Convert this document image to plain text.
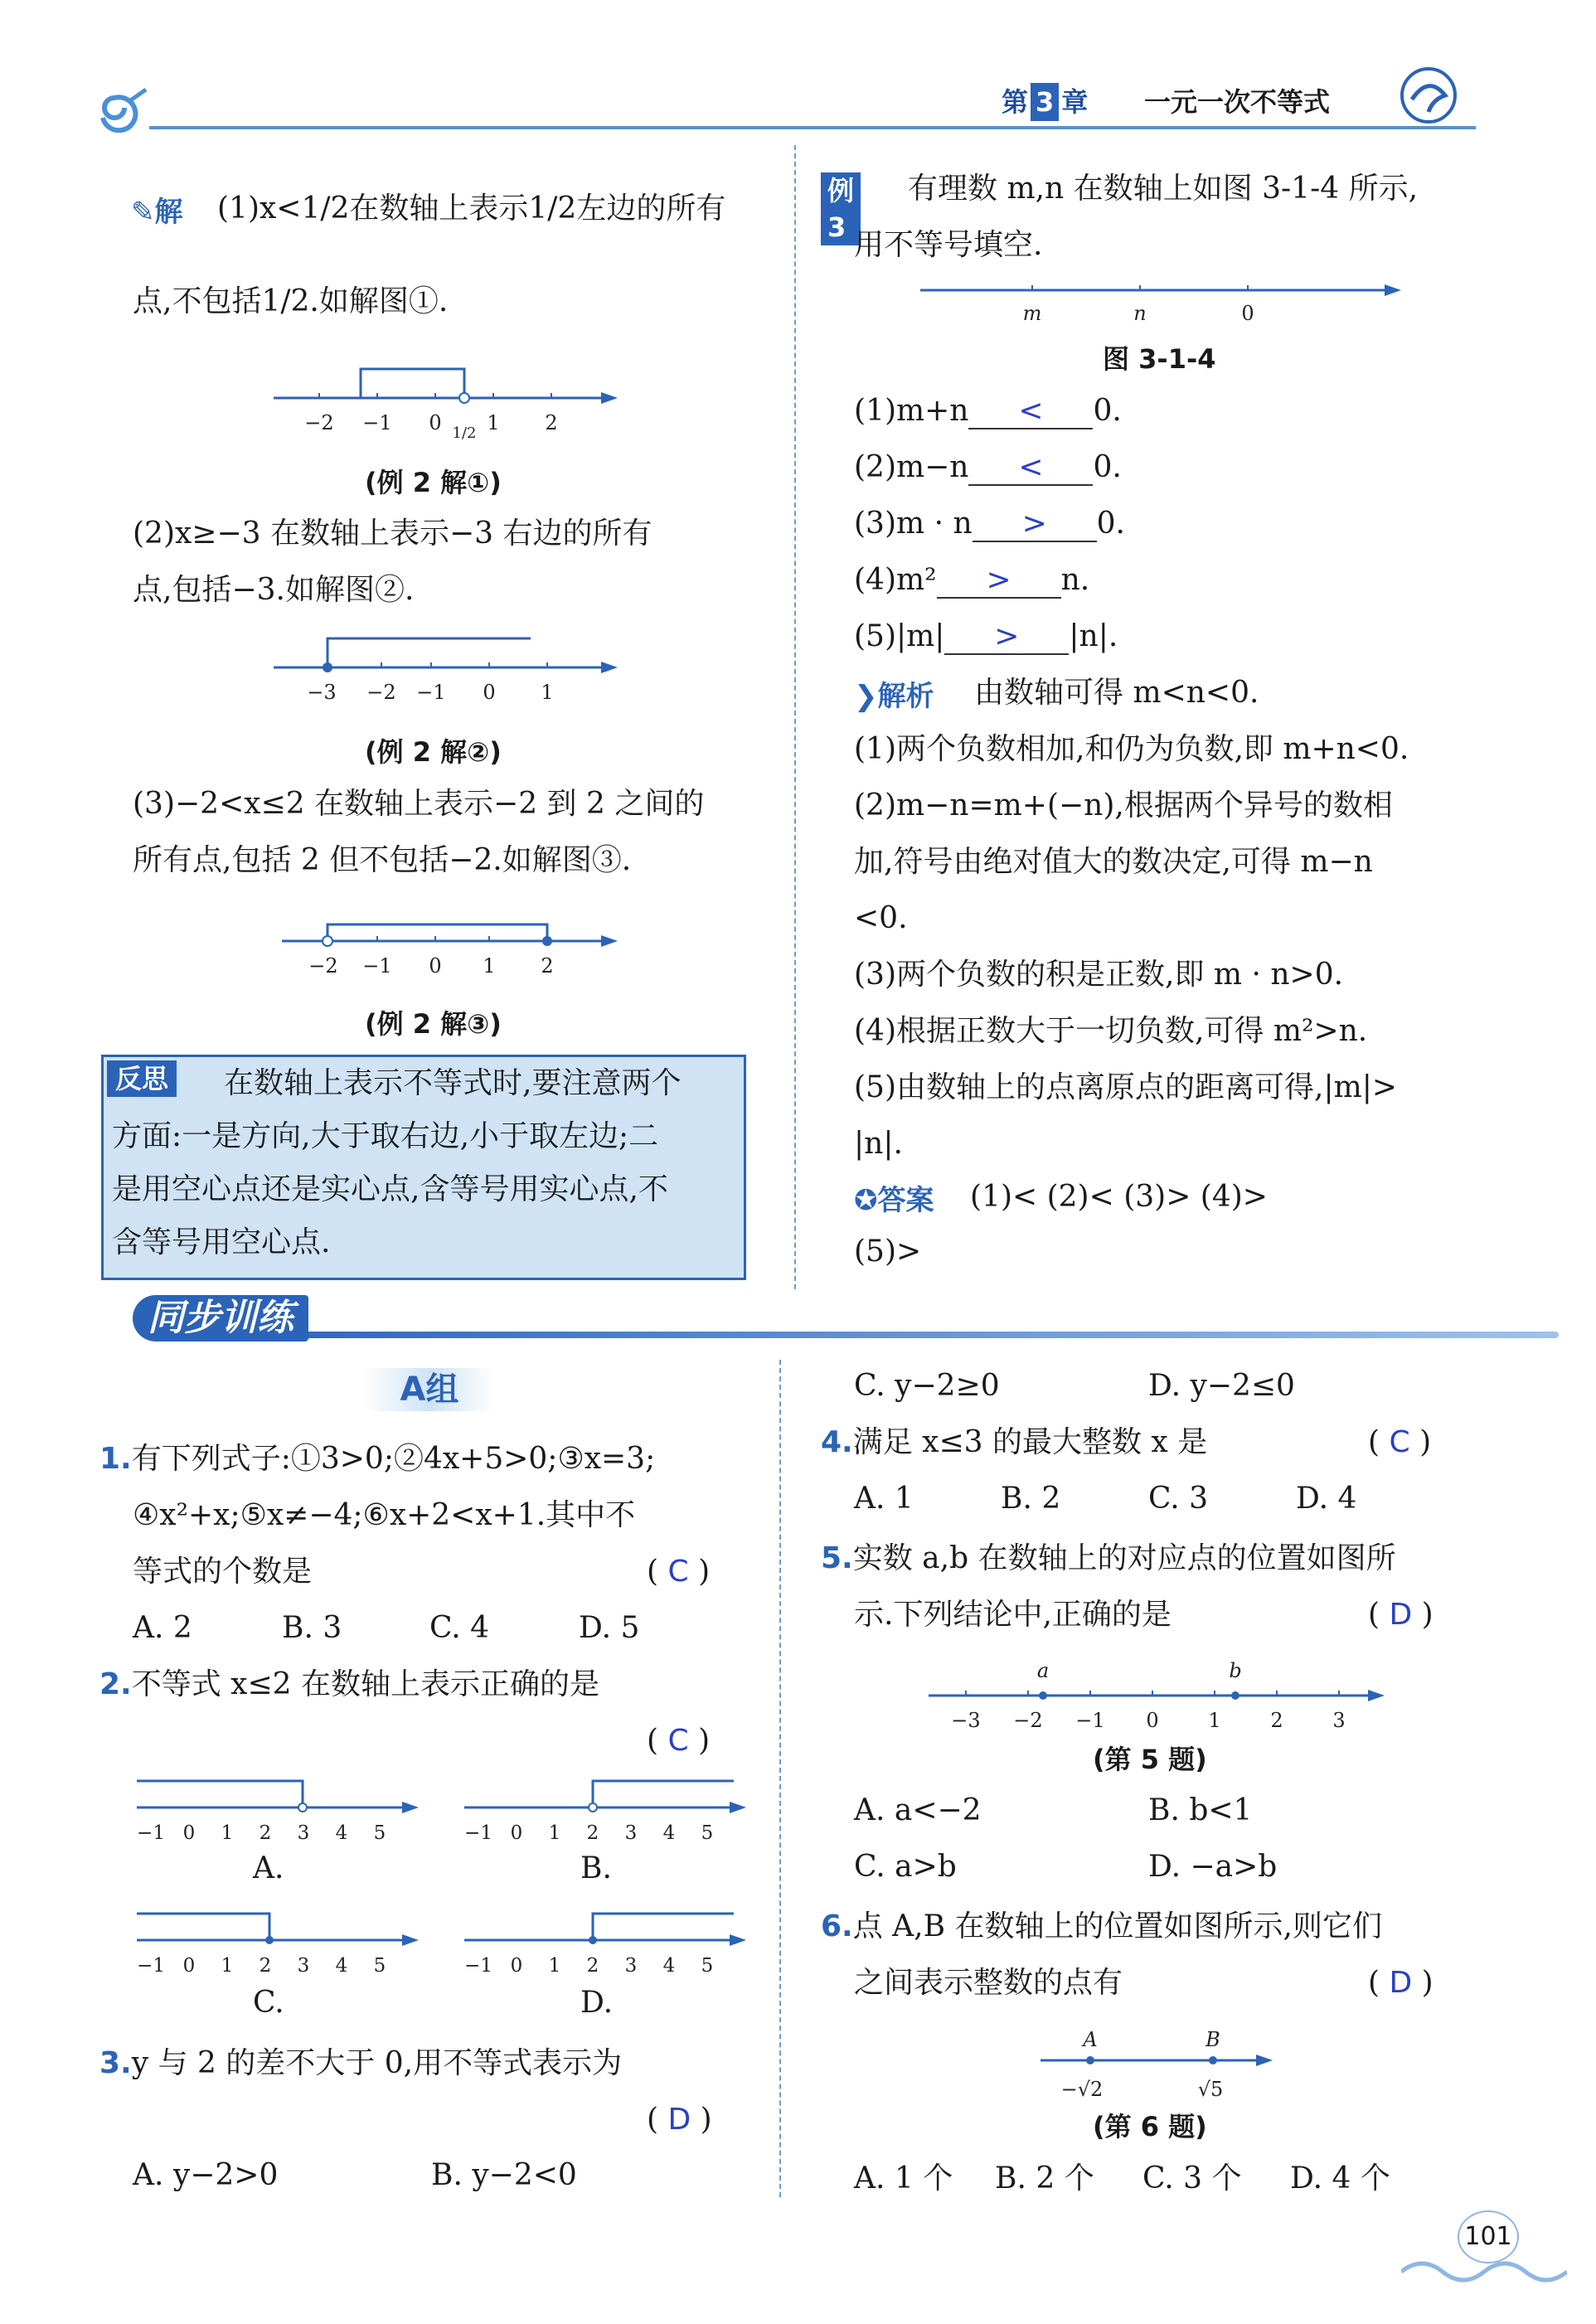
第 3 章 一元一次不等式
✎解 (1)x<1/2在数轴上表示1/2左边的所有
点,不包括1/2.如解图①.
−2 −1 0 1/2 1 2
(例 2 解①)
(2)x≥−3 在数轴上表示−3 右边的所有
点,包括−3.如解图②.
−3 −2 −1 0 1
(例 2 解②)
(3)−2<x≤2 在数轴上表示−2 到 2 之间的
所有点,包括 2 但不包括−2.如解图③.
−2 −1 0 1 2
(例 2 解③)
反思 在数轴上表示不等式时,要注意两个
方面:一是方向,大于取右边,小于取左边;二
是用空心点还是实心点,含等号用实心点,不
含等号用空心点.
例3
有理数 m,n 在数轴上如图 3-1-4 所示,
用不等号填空.
m	n	0
图 3-1-4
(1)m+n < 0.
(2)m−n < 0.
(3)m · n > 0.
(4)m² > n.
(5)|m| > |n|.
❯解析 由数轴可得 m<n<0.
(1)两个负数相加,和仍为负数,即 m+n<0.
(2)m−n=m+(−n),根据两个异号的数相
加,符号由绝对值大的数决定,可得 m−n
<0.
(3)两个负数的积是正数,即 m · n>0.
(4)根据正数大于一切负数,可得 m²>n.
(5)由数轴上的点离原点的距离可得,|m|>
|n|.
✪答案 (1)< (2)< (3)> (4)>
(5)>
同步训练
A组
1.有下列式子:①3>0;②4x+5>0;③x=3;
④x²+x;⑤x≠−4;⑥x+2<x+1.其中不
等式的个数是	( C )
A. 2	B. 3	C. 4	D. 5
2.不等式 x≤2 在数轴上表示正确的是
( C )
−1 0 1 2 3 4 5
A.
−1 0 1 2 3 4 5
B.
−1 0 1 2 3 4 5
C.
−1 0 1 2 3 4 5
D.
3.y 与 2 的差不大于 0,用不等式表示为
( D )
A. y−2>0	B. y−2<0
C. y−2≥0	D. y−2≤0
4.满足 x≤3 的最大整数 x 是	( C )
A. 1	B. 2	C. 3	D. 4
5.实数 a,b 在数轴上的对应点的位置如图所
示.下列结论中,正确的是	( D )
a	b
−3 −2 −1 0 1 2 3
(第 5 题)
A. a<−2	B. b<1
C. a>b	D. −a>b
6.点 A,B 在数轴上的位置如图所示,则它们
之间表示整数的点有	( D )
A	B
−√2	√5
(第 6 题)
A. 1 个 B. 2 个 C. 3 个 D. 4 个
101
